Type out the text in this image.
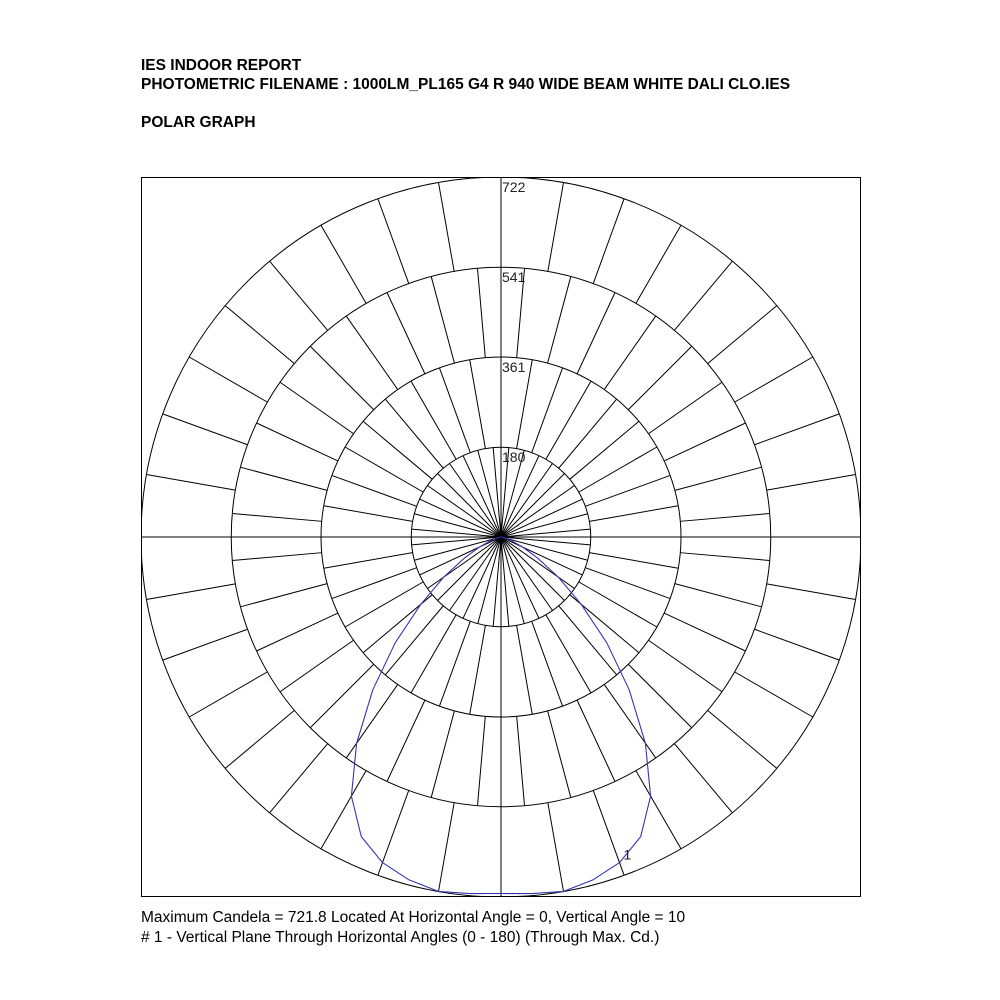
IES INDOOR REPORT
PHOTOMETRIC FILENAME : 1000LM_PL165 G4 R 940 WIDE BEAM WHITE DALI CLO.IES
POLAR GRAPH
180
361
541
722
1
Maximum Candela = 721.8 Located At Horizontal Angle = 0, Vertical Angle = 10
# 1 - Vertical Plane Through Horizontal Angles (0 - 180) (Through Max. Cd.)
